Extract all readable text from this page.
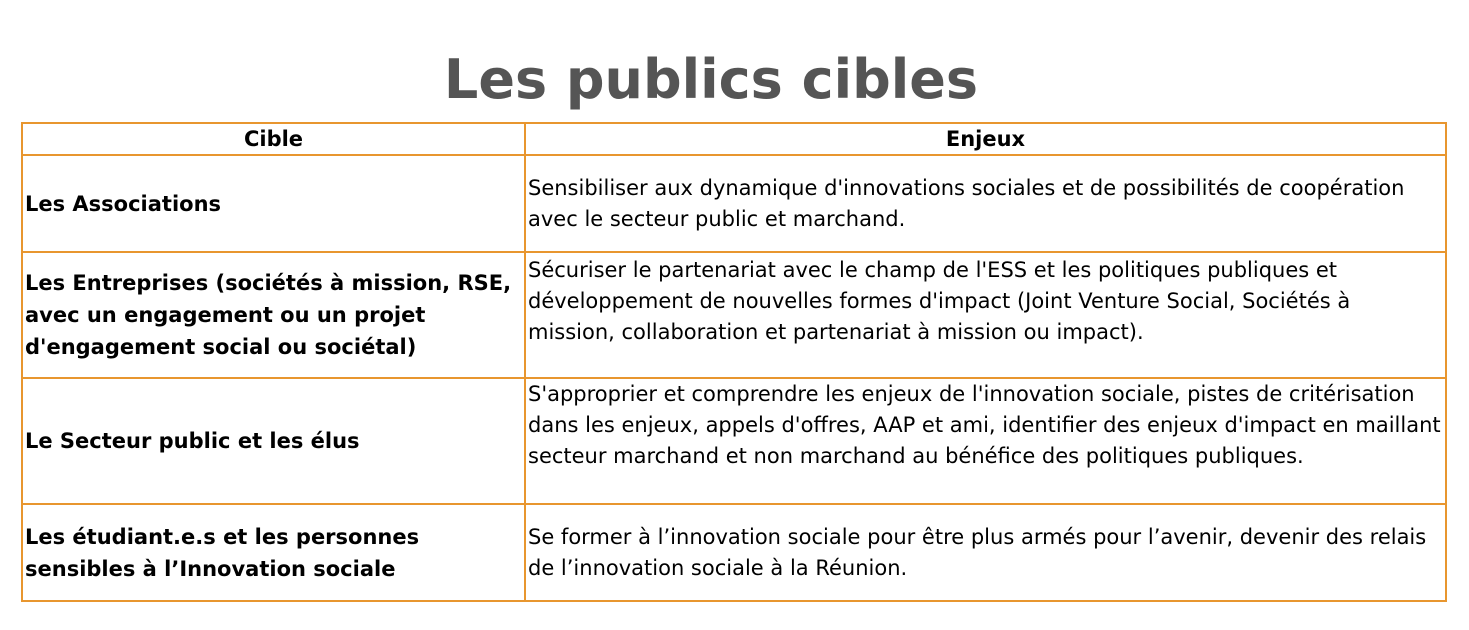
Les publics cibles
Cible	Enjeux
Les Associations	Sensibiliser aux dynamique d'innovations sociales et de possibilités de coopération avec le secteur public et marchand.
Les Entreprises (sociétés à mission, RSE, avec un engagement ou un projet d'engagement social ou sociétal)	Sécuriser le partenariat avec le champ de l'ESS et les politiques publiques et développement de nouvelles formes d'impact (Joint Venture Social, Sociétés à mission, collaboration et partenariat à mission ou impact).
Le Secteur public et les élus	S'approprier et comprendre les enjeux de l'innovation sociale, pistes de critérisation dans les enjeux, appels d'offres, AAP et ami, identifier des enjeux d'impact en maillant secteur marchand et non marchand au bénéfice des politiques publiques.
Les étudiant.e.s et les personnes sensibles à l’Innovation sociale	Se former à l’innovation sociale pour être plus armés pour l’avenir, devenir des relais de l’innovation sociale à la Réunion.
